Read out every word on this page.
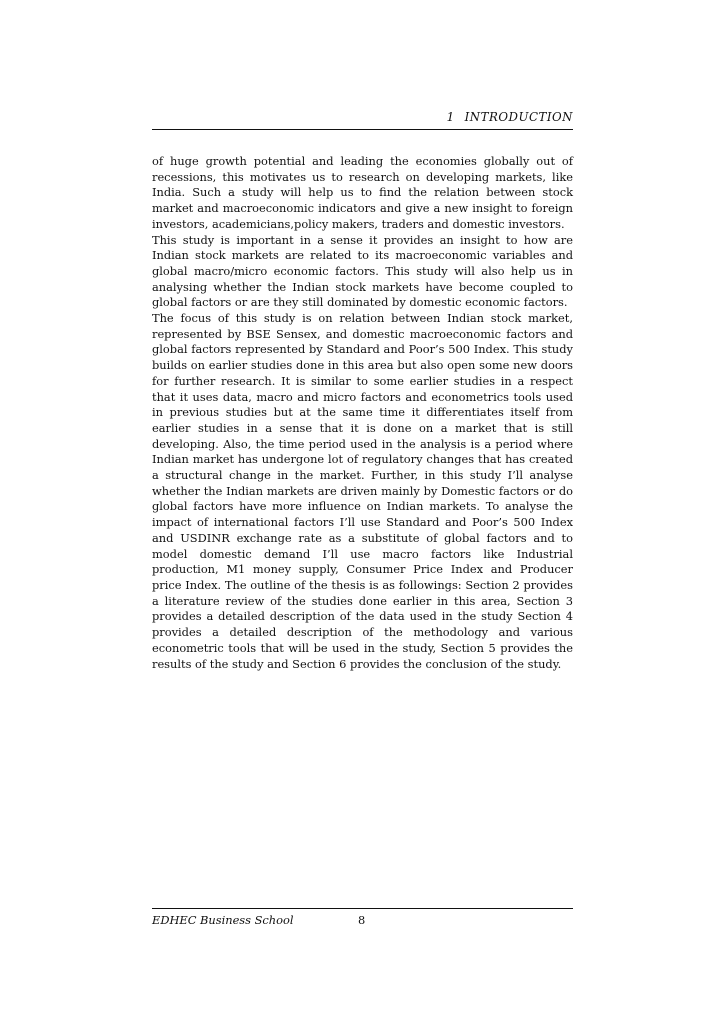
1 INTRODUCTION

of huge growth potential and leading the economies globally out of recessions, this motivates us to research on developing markets, like India. Such a study will help us to find the relation between stock market and macroeconomic indicators and give a new insight to foreign investors, academicians,policy makers, traders and domestic investors.

This study is important in a sense it provides an insight to how are Indian stock markets are related to its macroeconomic variables and global macro/micro economic factors. This study will also help us in analysing whether the Indian stock markets have become coupled to global factors or are they still dominated by domestic economic factors.

The focus of this study is on relation between Indian stock market, represented by BSE Sensex, and domestic macroeconomic factors and global factors represented by Standard and Poor’s 500 Index. This study builds on earlier studies done in this area but also open some new doors for further research. It is similar to some earlier studies in a respect that it uses data, macro and micro factors and econometrics tools used in previous studies but at the same time it differentiates itself from earlier studies in a sense that it is done on a market that is still developing. Also, the time period used in the analysis is a period where Indian market has undergone lot of regulatory changes that has created a structural change in the market. Further, in this study I’ll analyse whether the Indian markets are driven mainly by Domestic factors or do global factors have more influence on Indian markets. To analyse the impact of international factors I’ll use Standard and Poor’s 500 Index and USDINR exchange rate as a substitute of global factors and to model domestic demand I’ll use macro factors like Industrial production, M1 money supply, Consumer Price Index and Producer price Index. The outline of the thesis is as followings: Section 2 provides a literature review of the studies done earlier in this area, Section 3 provides a detailed description of the data used in the study Section 4 provides a detailed description of the methodology and various econometric tools that will be used in the study, Section 5 provides the results of the study and Section 6 provides the conclusion of the study.

EDHEC Business School	8
